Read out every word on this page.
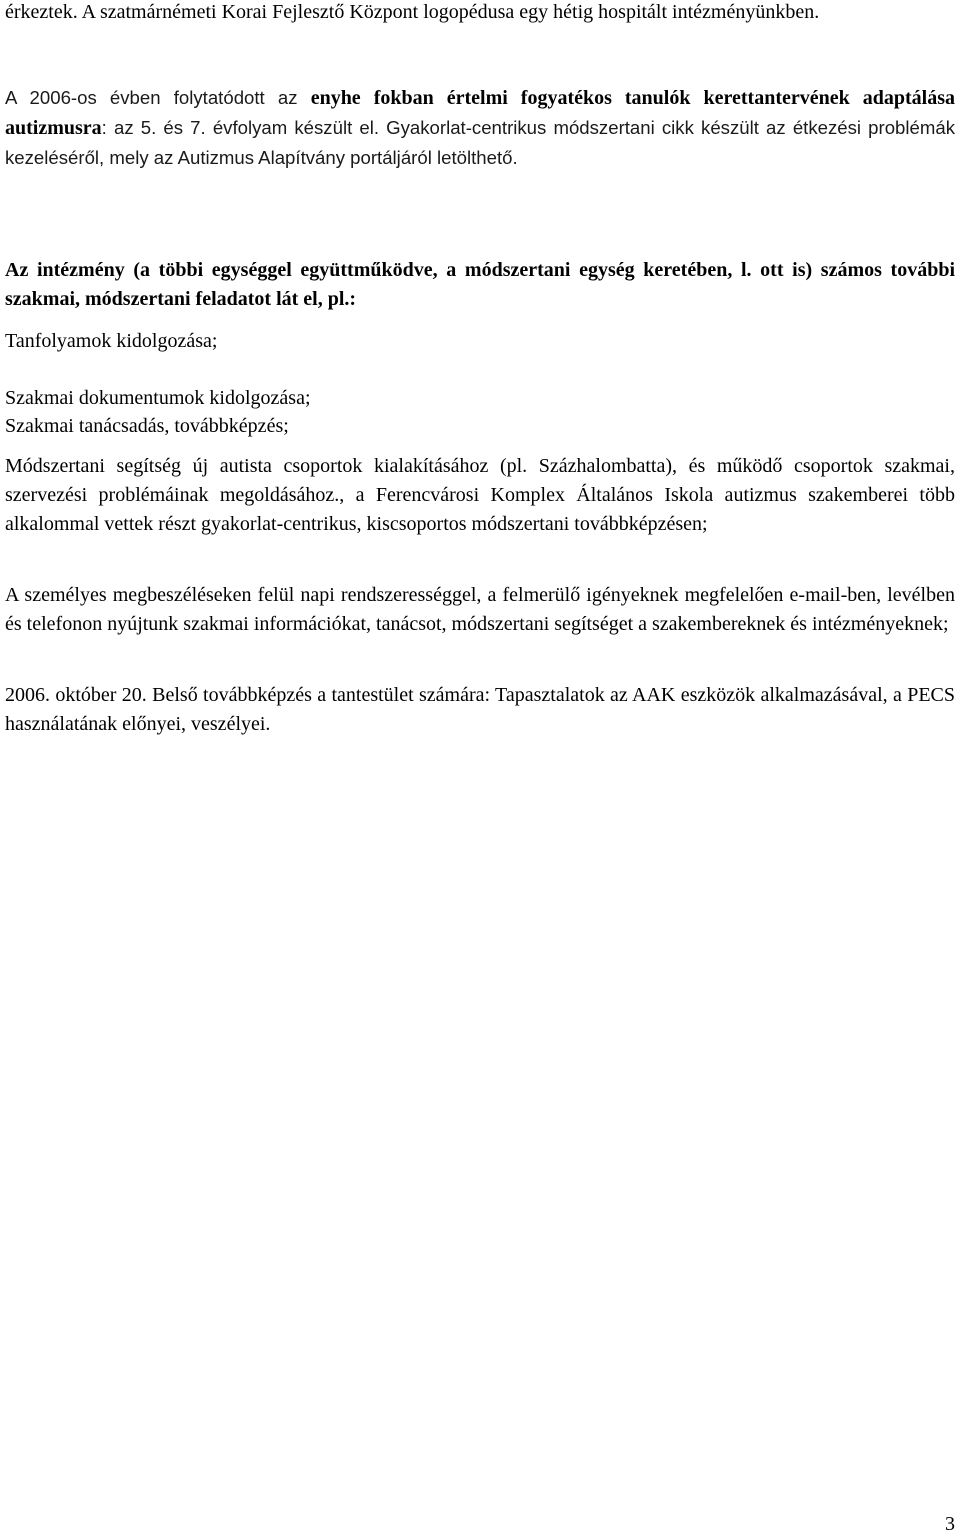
érkeztek. A szatmárnémeti Korai Fejlesztő Központ logopédusa egy hétig hospitált intézményünkben.

A 2006-os évben folytatódott az enyhe fokban értelmi fogyatékos tanulók kerettantervének adaptálása autizmusra: az 5. és 7. évfolyam készült el. Gyakorlat-centrikus módszertani cikk készült az étkezési problémák kezeléséről, mely az Autizmus Alapítvány portáljáról letölthető.

Az intézmény (a többi egységgel együttműködve, a módszertani egység keretében, l. ott is) számos további szakmai, módszertani feladatot lát el, pl.:

Tanfolyamok kidolgozása;

Szakmai dokumentumok kidolgozása;

Szakmai tanácsadás, továbbképzés;

Módszertani segítség új autista csoportok kialakításához (pl. Százhalombatta), és működő csoportok szakmai, szervezési problémáinak megoldásához., a Ferencvárosi Komplex Általános Iskola autizmus szakemberei több alkalommal vettek részt gyakorlat-centrikus, kiscsoportos módszertani továbbképzésen;

A személyes megbeszéléseken felül napi rendszerességgel, a felmerülő igényeknek megfelelően e-mail-ben, levélben és telefonon nyújtunk szakmai információkat, tanácsot, módszertani segítséget a szakembereknek és intézményeknek;

2006. október 20. Belső továbbképzés a tantestület számára: Tapasztalatok az AAK eszközök alkalmazásával, a PECS használatának előnyei, veszélyei.

3
